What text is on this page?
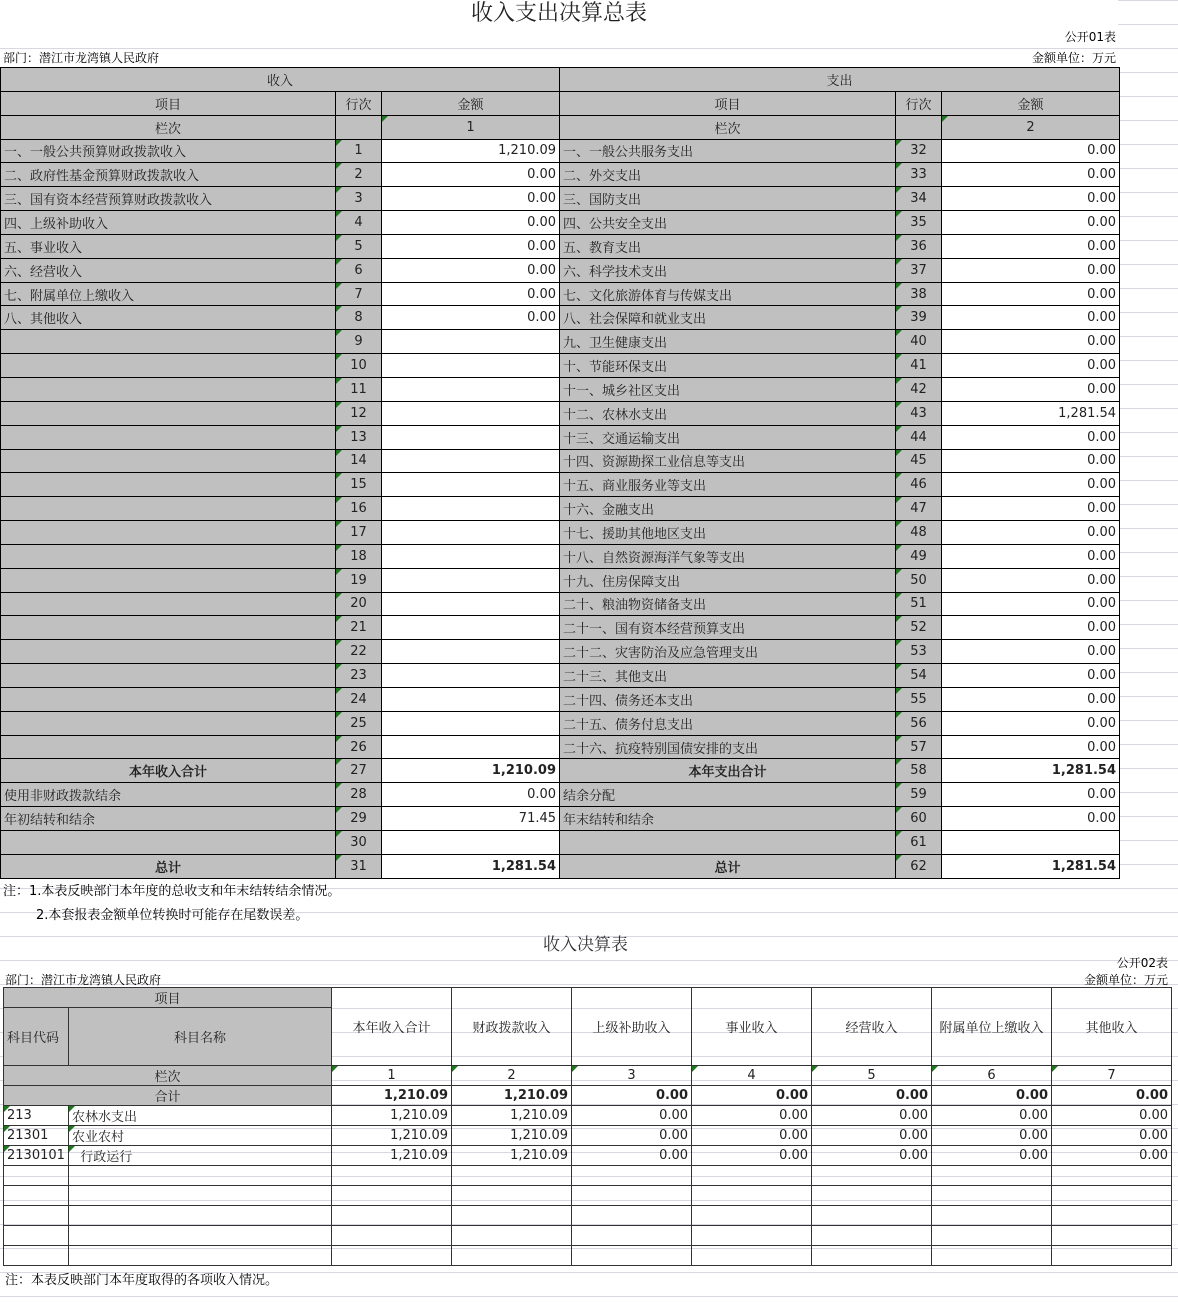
收入支出决算总表
公开01表
部门：潜江市龙湾镇人民政府	金额单位：万元
收入			支出		
项目	行次	金额	项目	行次	金额
栏次		1	栏次		2
一、一般公共预算财政拨款收入	1	1,210.09	一、一般公共服务支出	32	0.00
二、政府性基金预算财政拨款收入	2	0.00	二、外交支出	33	0.00
三、国有资本经营预算财政拨款收入	3	0.00	三、国防支出	34	0.00
四、上级补助收入	4	0.00	四、公共安全支出	35	0.00
五、事业收入	5	0.00	五、教育支出	36	0.00
六、经营收入	6	0.00	六、科学技术支出	37	0.00
七、附属单位上缴收入	7	0.00	七、文化旅游体育与传媒支出	38	0.00
八、其他收入	8	0.00	八、社会保障和就业支出	39	0.00
	9		九、卫生健康支出	40	0.00
	10		十、节能环保支出	41	0.00
	11		十一、城乡社区支出	42	0.00
	12		十二、农林水支出	43	1,281.54
	13		十三、交通运输支出	44	0.00
	14		十四、资源勘探工业信息等支出	45	0.00
	15		十五、商业服务业等支出	46	0.00
	16		十六、金融支出	47	0.00
	17		十七、援助其他地区支出	48	0.00
	18		十八、自然资源海洋气象等支出	49	0.00
	19		十九、住房保障支出	50	0.00
	20		二十、粮油物资储备支出	51	0.00
	21		二十一、国有资本经营预算支出	52	0.00
	22		二十二、灾害防治及应急管理支出	53	0.00
	23		二十三、其他支出	54	0.00
	24		二十四、债务还本支出	55	0.00
	25		二十五、债务付息支出	56	0.00
	26		二十六、抗疫特别国债安排的支出	57	0.00
本年收入合计	27	1,210.09	本年支出合计	58	1,281.54
使用非财政拨款结余	28	0.00	结余分配	59	0.00
年初结转和结余	29	71.45	年末结转和结余	60	0.00
	30			61	
总计	31	1,281.54	总计	62	1,281.54
注：1.本表反映部门本年度的总收支和年末结转结余情况。
2.本套报表金额单位转换时可能存在尾数误差。
收入决算表
公开02表
部门：潜江市龙湾镇人民政府	金额单位：万元
项目		本年收入合计	财政拨款收入	上级补助收入	事业收入	经营收入	附属单位上缴收入	其他收入
科目代码	科目名称							
栏次		1	2	3	4	5	6	7
合计		1,210.09	1,210.09	0.00	0.00	0.00	0.00	0.00
213	农林水支出	1,210.09	1,210.09	0.00	0.00	0.00	0.00	0.00
21301	农业农村	1,210.09	1,210.09	0.00	0.00	0.00	0.00	0.00
2130101	行政运行	1,210.09	1,210.09	0.00	0.00	0.00	0.00	0.00

注：本表反映部门本年度取得的各项收入情况。
